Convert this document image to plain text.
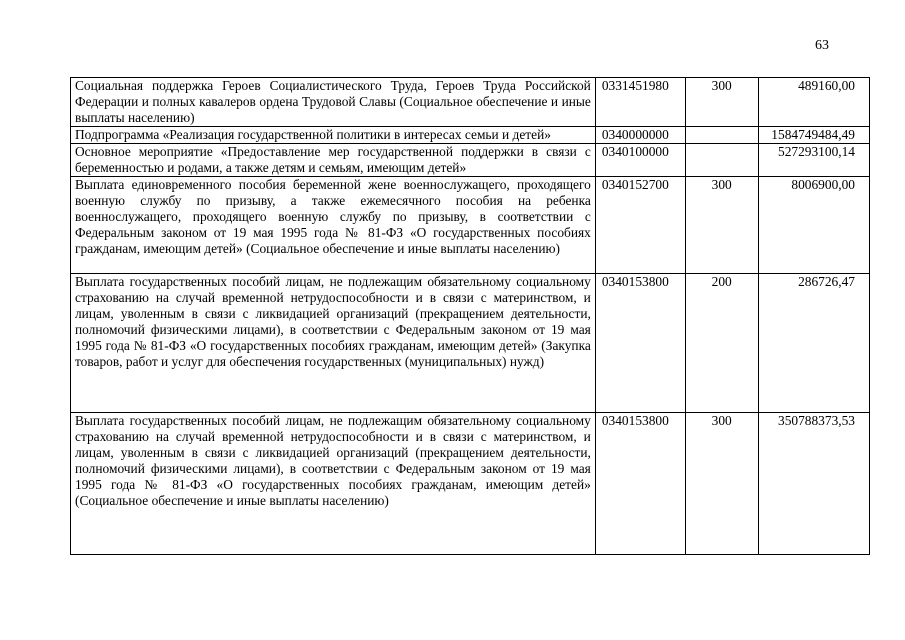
63
Социальная поддержка Героев Социалистического Труда, Героев Труда Российской Федерации и полных кавалеров ордена Трудовой Славы (Социальное обеспечение и иные выплаты населению)	0331451980	300	489160,00
Подпрограмма «Реализация государственной политики в интересах семьи и детей»	0340000000		1584749484,49
Основное мероприятие «Предоставление мер государственной поддержки в связи с беременностью и родами, а также детям и семьям, имеющим детей»	0340100000		527293100,14
Выплата единовременного пособия беременной жене военнослужащего, проходящего военную службу по призыву, а также ежемесячного пособия на ребенка военнослужащего, проходящего военную службу по призыву, в соответствии с Федеральным законом от 19 мая 1995 года № 81-ФЗ «О государственных пособиях гражданам, имеющим детей» (Социальное обеспечение и иные выплаты населению)	0340152700	300	8006900,00
Выплата государственных пособий лицам, не подлежащим обязательному социальному страхованию на случай временной нетрудоспособности и в связи с материнством, и лицам, уволенным в связи с ликвидацией организаций (прекращением деятельности, полномочий физическими лицами), в соответствии с Федеральным законом от 19 мая 1995 года № 81-ФЗ «О государственных пособиях гражданам, имеющим детей» (Закупка товаров, работ и услуг для обеспечения государственных (муниципальных) нужд)	0340153800	200	286726,47
Выплата государственных пособий лицам, не подлежащим обязательному социальному страхованию на случай временной нетрудоспособности и в связи с материнством, и лицам, уволенным в связи с ликвидацией организаций (прекращением деятельности, полномочий физическими лицами), в соответствии с Федеральным законом от 19 мая 1995 года № 81-ФЗ «О государственных пособиях гражданам, имеющим детей» (Социальное обеспечение и иные выплаты населению)	0340153800	300	350788373,53
